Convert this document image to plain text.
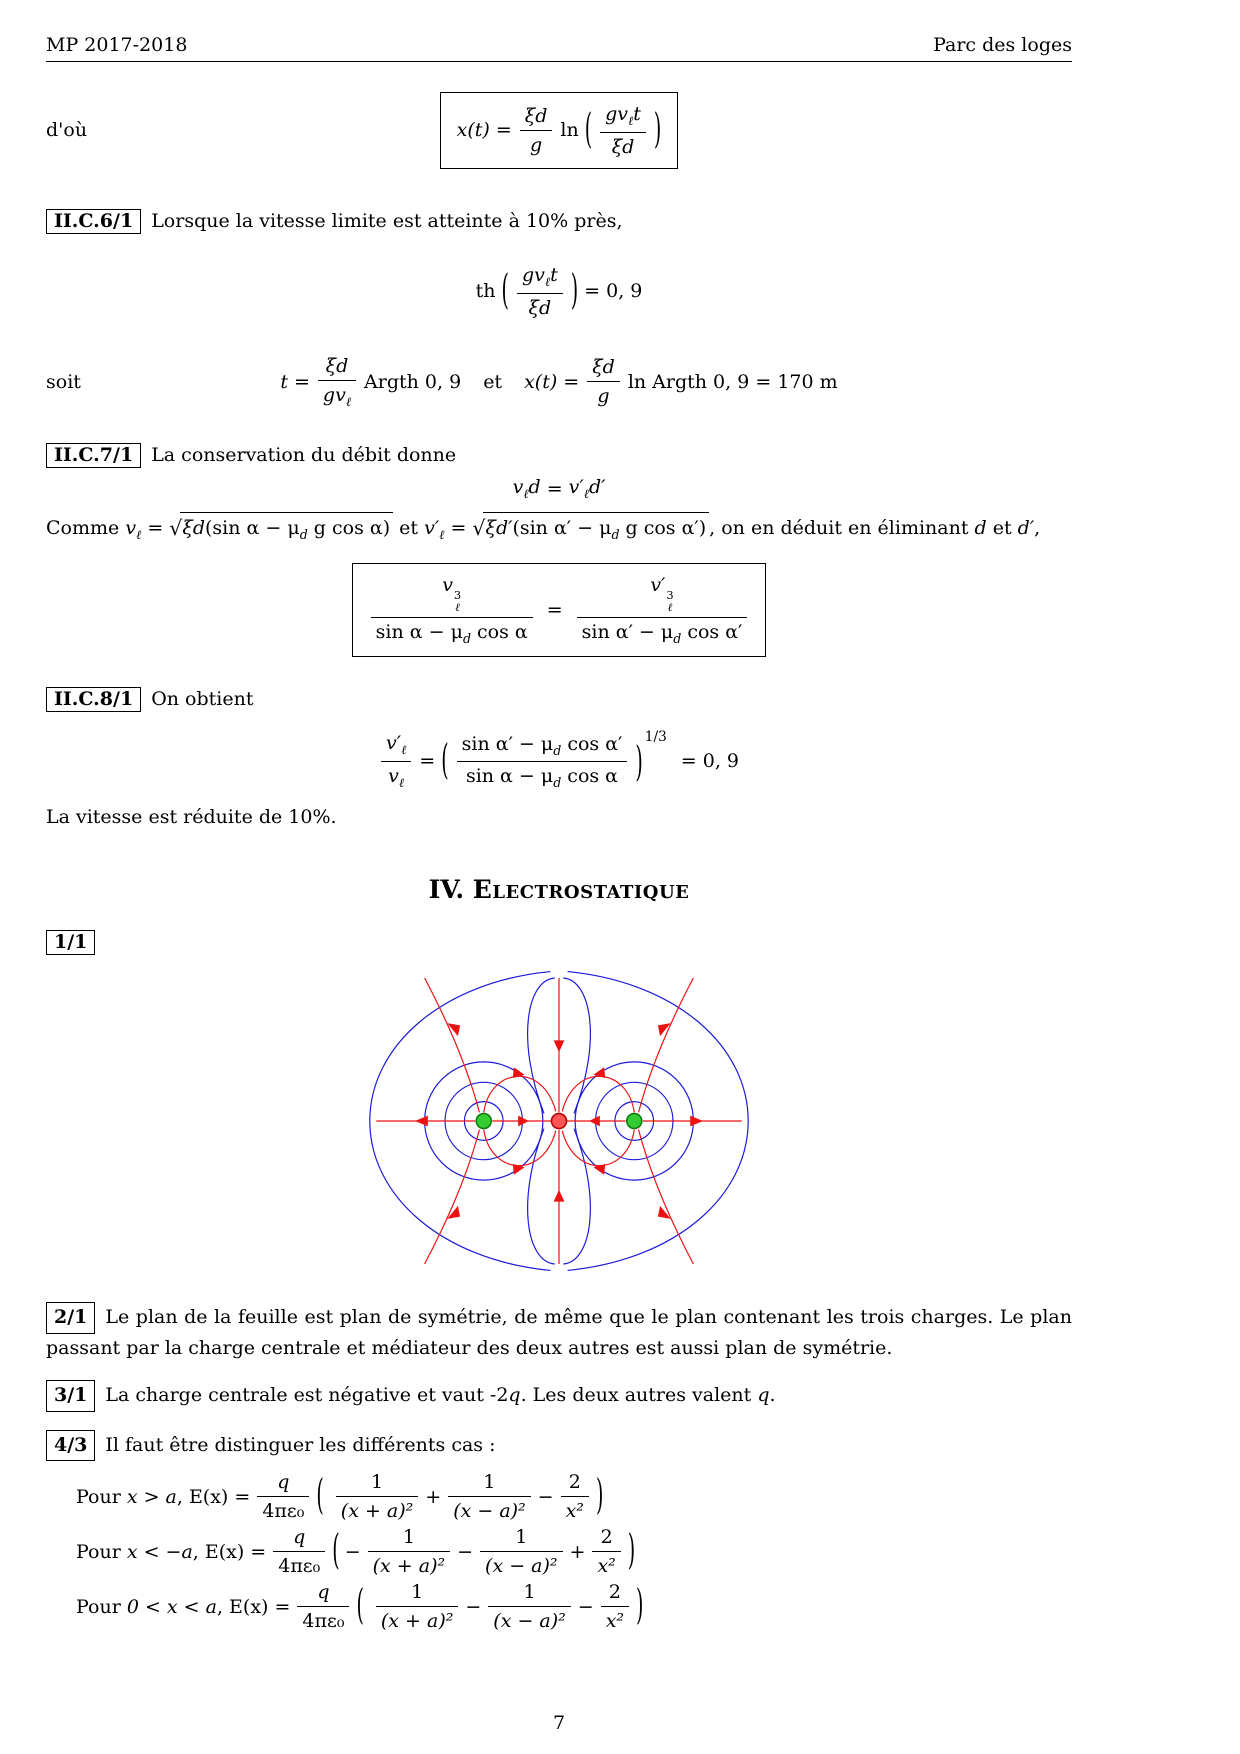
MP 2017-2018	Parc des loges
d'où	$x(t) = \frac{\xi d}{g}$ ln ( $\frac{gv_\ell t}{\xi d}$ )
II.C.6/1 Lorsque la vitesse limite est atteinte à 10% près,
th ( $\frac{gv_\ell t}{\xi d}$ ) = 0, 9
soit	$t = \frac{\xi d}{gv_\ell}$ Argth 0, 9 et $x(t) = \frac{\xi d}{g}$ ln Argth 0, 9 = 170 m
II.C.7/1 La conservation du débit donne
$v_\ell d = v'_\ell d'$

Comme $v_\ell = √\xi d(\sin$ $\alpha - \mu_d$ g cos α) et $v'_\ell = √\xi d'(\sin$ $\alpha' - \mu_d$ g cos α′) , on en déduit en éliminant d et d′,

v 3
ℓ
$\sin \alpha - \mu_d$ cos α = v′ 3
ℓ
$\sin \alpha' - \mu_d$ cos α′
II.C.8/1 On obtient
$\frac{v'_\ell}{v_\ell}$ = ( $\frac{\sin \alpha' - \mu_d \cos \alpha'}{\sin \alpha - \mu_d \cos \alpha} )^{1/3}$
= 0, 9

La vitesse est réduite de 10%.

IV. Electrostatique
1/1

2/1 Le plan de la feuille est plan de symétrie, de même que le plan contenant les trois charges. Le plan passant par la charge centrale et médiateur des deux autres est aussi plan de symétrie.

3/1 La charge centrale est négative et vaut -2q. Les deux autres valent q.

4/3 Il faut être distinguer les différents cas :

Pour x > a, $E(x) = \frac{q}{\text{4πε₀}}$ ( $\frac{1}{\text{(x + a)²}} + \frac{1}{\text{(x − a)²}} - \frac{2}{\text{x²}}$ )
Pour x < −a, $E(x) = \frac{q}{\text{4πε₀}}$ ( − $\frac{1}{\text{(x + a)²}} - \frac{1}{\text{(x − a)²}} + \frac{2}{\text{x²}}$ )
Pour 0 < x < a, $E(x) = \frac{q}{\text{4πε₀}}$ ( $\frac{1}{\text{(x + a)²}} - \frac{1}{\text{(x − a)²}} - \frac{2}{\text{x²}}$ )
7
